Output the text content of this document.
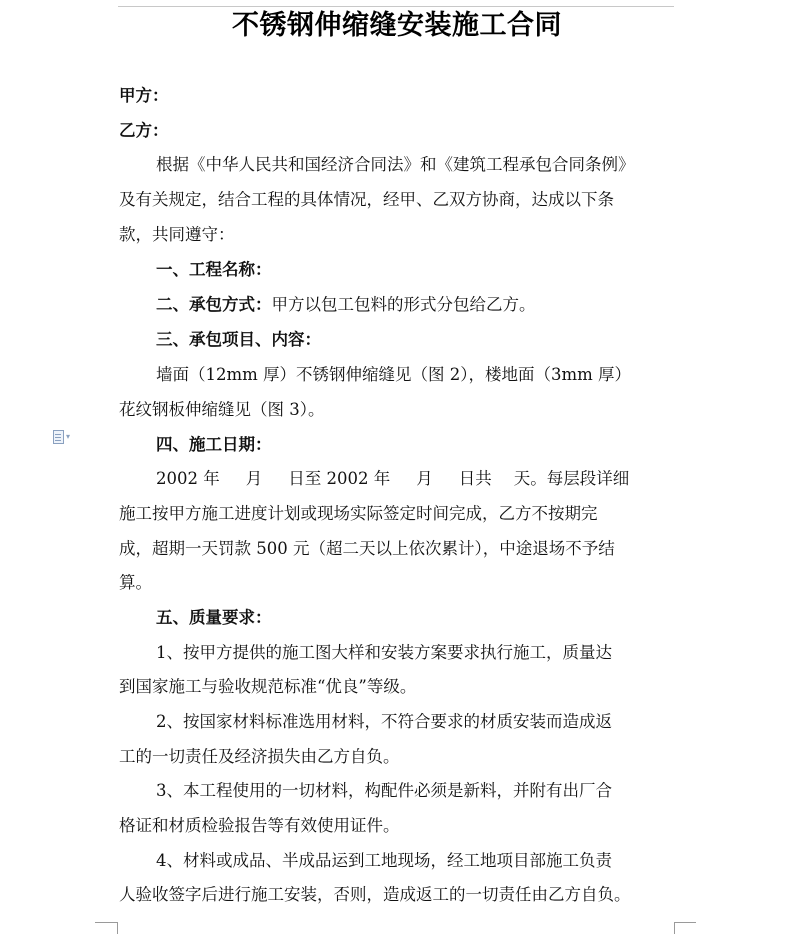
不锈钢伸缩缝安装施工合同
甲方：
乙方：
根据《中华人民共和国经济合同法》和《建筑工程承包合同条例》
及有关规定，结合工程的具体情况，经甲、乙双方协商，达成以下条
款，共同遵守：
一、工程名称：
二、承包方式：甲方以包工包料的形式分包给乙方。
三、承包项目、内容：
墙面（12mm 厚）不锈钢伸缩缝见（图 2），楼地面（3mm 厚）
花纹钢板伸缩缝见（图 3）。
▾	四、施工日期：
2002 年 月 日至 2002 年 月 日共 天。每层段详细
施工按甲方施工进度计划或现场实际签定时间完成，乙方不按期完
成，超期一天罚款 500 元（超二天以上依次累计），中途退场不予结
算。
五、质量要求：
1、按甲方提供的施工图大样和安装方案要求执行施工，质量达
到国家施工与验收规范标准“优良”等级。
2、按国家材料标准选用材料，不符合要求的材质安装而造成返
工的一切责任及经济损失由乙方自负。
3、本工程使用的一切材料，构配件必须是新料，并附有出厂合
格证和材质检验报告等有效使用证件。
4、材料或成品、半成品运到工地现场，经工地项目部施工负责
人验收签字后进行施工安装，否则，造成返工的一切责任由乙方自负。
